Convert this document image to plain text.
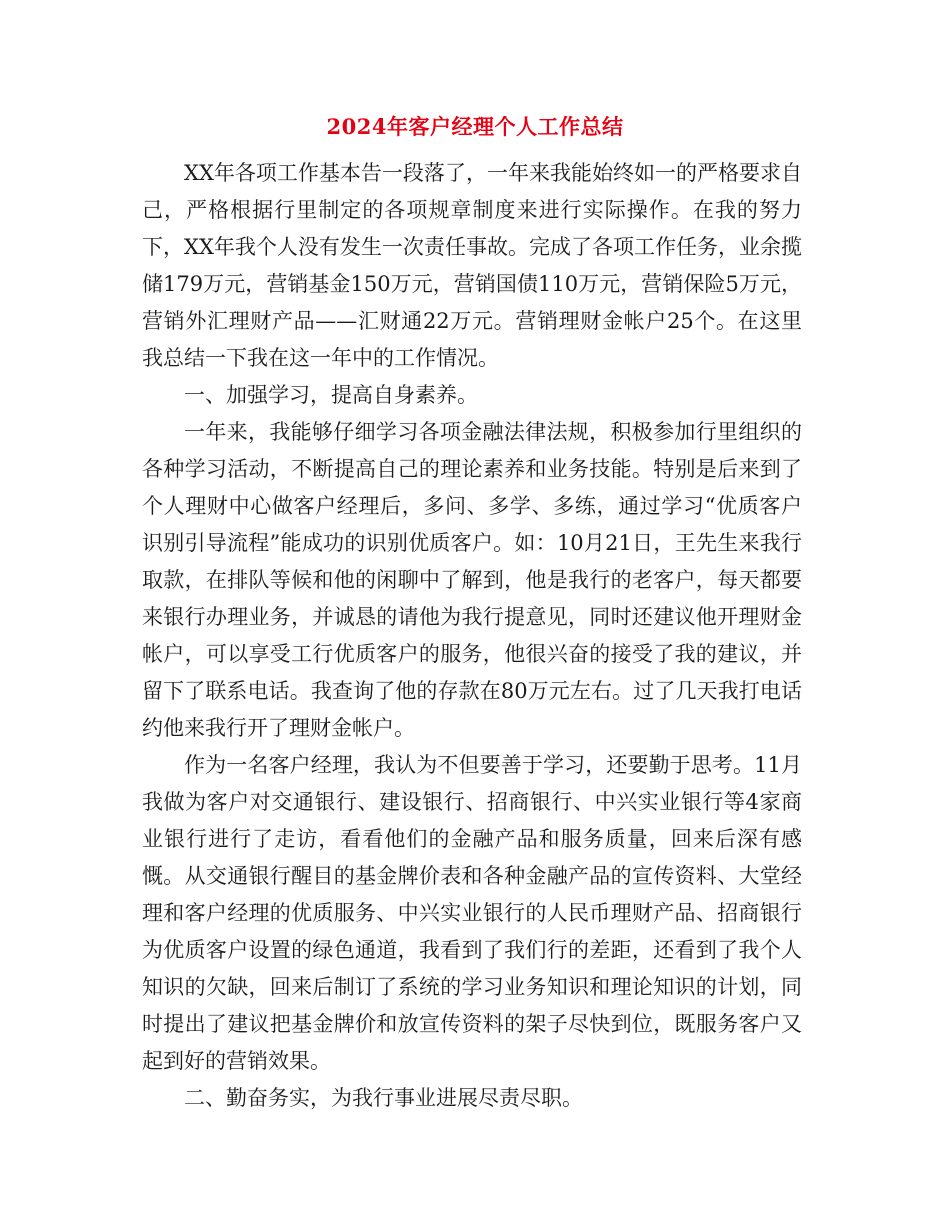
2024年客户经理个人工作总结

XX年各项工作基本告一段落了，一年来我能始终如一的严格要求自己，严格根据行里制定的各项规章制度来进行实际操作。在我的努力下，XX年我个人没有发生一次责任事故。完成了各项工作任务，业余揽储179万元，营销基金150万元，营销国债110万元，营销保险5万元，营销外汇理财产品——汇财通22万元。营销理财金帐户25个。在这里我总结一下我在这一年中的工作情况。

一、加强学习，提高自身素养。

一年来，我能够仔细学习各项金融法律法规，积极参加行里组织的各种学习活动，不断提高自己的理论素养和业务技能。特别是后来到了个人理财中心做客户经理后，多问、多学、多练，通过学习“优质客户识别引导流程”能成功的识别优质客户。如：10月21日，王先生来我行取款，在排队等候和他的闲聊中了解到，他是我行的老客户，每天都要来银行办理业务，并诚恳的请他为我行提意见，同时还建议他开理财金帐户，可以享受工行优质客户的服务，他很兴奋的接受了我的建议，并留下了联系电话。我查询了他的存款在80万元左右。过了几天我打电话约他来我行开了理财金帐户。

作为一名客户经理，我认为不但要善于学习，还要勤于思考。11月我做为客户对交通银行、建设银行、招商银行、中兴实业银行等4家商业银行进行了走访，看看他们的金融产品和服务质量，回来后深有感慨。从交通银行醒目的基金牌价表和各种金融产品的宣传资料、大堂经理和客户经理的优质服务、中兴实业银行的人民币理财产品、招商银行为优质客户设置的绿色通道，我看到了我们行的差距，还看到了我个人知识的欠缺，回来后制订了系统的学习业务知识和理论知识的计划，同时提出了建议把基金牌价和放宣传资料的架子尽快到位，既服务客户又起到好的营销效果。

二、勤奋务实，为我行事业进展尽责尽职。
